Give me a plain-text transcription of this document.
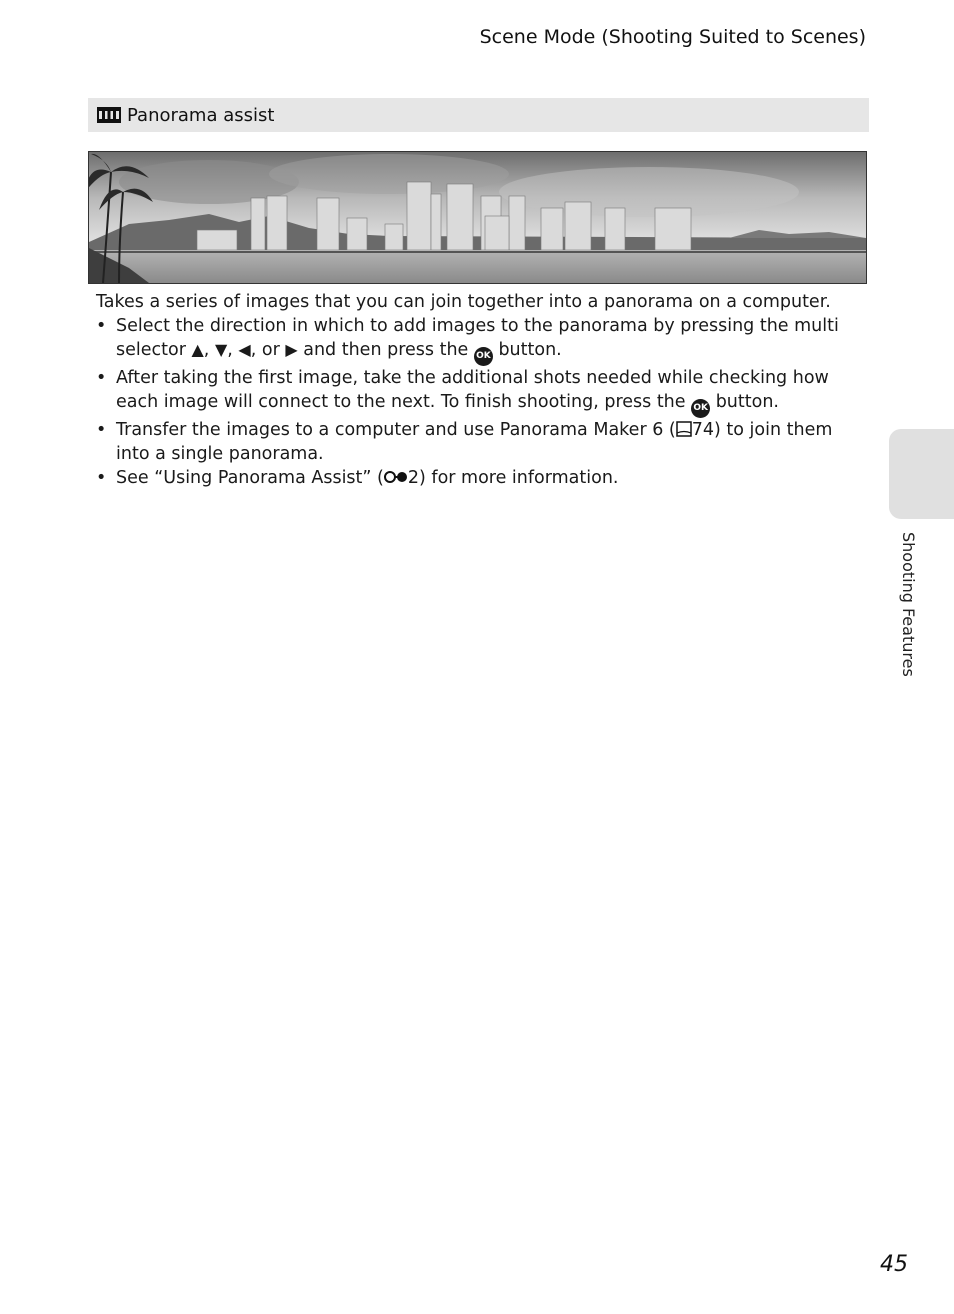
Scene Mode (Shooting Suited to Scenes)
Panorama assist

Takes a series of images that you can join together into a panorama on a computer.

• Select the direction in which to add images to the panorama by pressing the multi selector ▲, ▼, ◀, or ▶ and then press the OK button.
• After taking the first image, take the additional shots needed while checking how each image will connect to the next. To finish shooting, press the OK button.
• Transfer the images to a computer and use Panorama Maker 6 ( 74) to join them into a single panorama.
• See “Using Panorama Assist” ( 2) for more information.
Shooting Features
45
